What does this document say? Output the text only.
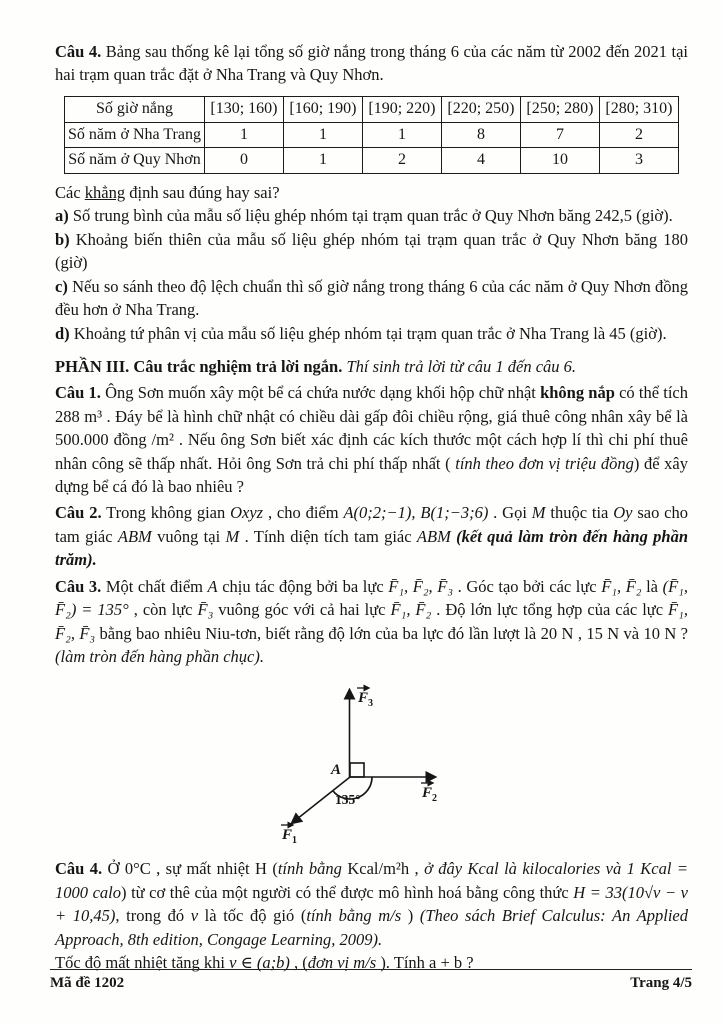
Câu 4. Bảng sau thống kê lại tổng số giờ nắng trong tháng 6 của các năm từ 2002 đến 2021 tại hai trạm quan trắc đặt ở Nha Trang và Quy Nhơn.

Số giờ nắng	[130; 160)	[160; 190)	[190; 220)	[220; 250)	[250; 280)	[280; 310)
Số năm ở Nha Trang	1	1	1	8	7	2
Số năm ở Quy Nhơn	0	1	2	4	10	3

Các khẳng định sau đúng hay sai?

a) Số trung bình của mẫu số liệu ghép nhóm tại trạm quan trắc ở Quy Nhơn băng 242,5 (giờ).

b) Khoảng biến thiên của mẫu số liệu ghép nhóm tại trạm quan trắc ở Quy Nhơn băng 180 (giờ)

c) Nếu so sánh theo độ lệch chuẩn thì số giờ nắng trong tháng 6 của các năm ở Quy Nhơn đồng đều hơn ở Nha Trang.

d) Khoảng tứ phân vị của mẫu số liệu ghép nhóm tại trạm quan trắc ở Nha Trang là 45 (giờ).

PHẦN III. Câu trắc nghiệm trả lời ngắn. Thí sinh trả lời từ câu 1 đến câu 6.

Câu 1. Ông Sơn muốn xây một bể cá chứa nước dạng khối hộp chữ nhật không nắp có thể tích 288 m³ . Đáy bể là hình chữ nhật có chiều dài gấp đôi chiều rộng, giá thuê công nhân xây bể là 500.000 đồng /m² . Nếu ông Sơn biết xác định các kích thước một cách hợp lí thì chi phí thuê nhân công sẽ thấp nhất. Hỏi ông Sơn trả chi phí thấp nhất ( tính theo đơn vị triệu đồng) để xây dựng bể cá đó là bao nhiêu ?

Câu 2. Trong không gian Oxyz , cho điểm A(0;2;−1), B(1;−3;6) . Gọi M thuộc tia Oy sao cho tam giác ABM vuông tại M . Tính diện tích tam giác ABM (kết quả làm tròn đến hàng phần trăm).

Câu 3. Một chất điểm A chịu tác động bởi ba lực F̄₁, F̄₂, F̄₃ . Góc tạo bởi các lực F̄₁, F̄₂ là (F̄₁, F̄₂) = 135° , còn lực F̄₃ vuông góc với cả hai lực F̄₁, F̄₂ . Độ lớn lực tổng hợp của các lực F̄₁, F̄₂, F̄₃ bằng bao nhiêu Niu-tơn, biết rằng độ lớn của ba lực đó lần lượt là 20 N , 15 N và 10 N ? (làm tròn đến hàng phần chục).

$F_3$
$F_2$
$F_1$
A
135°

Câu 4. Ở 0°C , sự mất nhiệt H (tính bằng Kcal/m²h , ở đây Kcal là kilocalories và 1 Kcal = 1000 calo) từ cơ thê của một người có thể được mô hình hoá bằng công thức H = 33(10√v − v + 10,45), trong đó v là tốc độ gió (tính bằng m/s ) (Theo sách Brief Calculus: An Applied Approach, 8th edition, Congage Learning, 2009).

Tốc độ mất nhiệt tăng khi v ∈ (a;b) , (đơn vị m/s ). Tính a + b ?

Mã đề 1202	Trang 4/5
